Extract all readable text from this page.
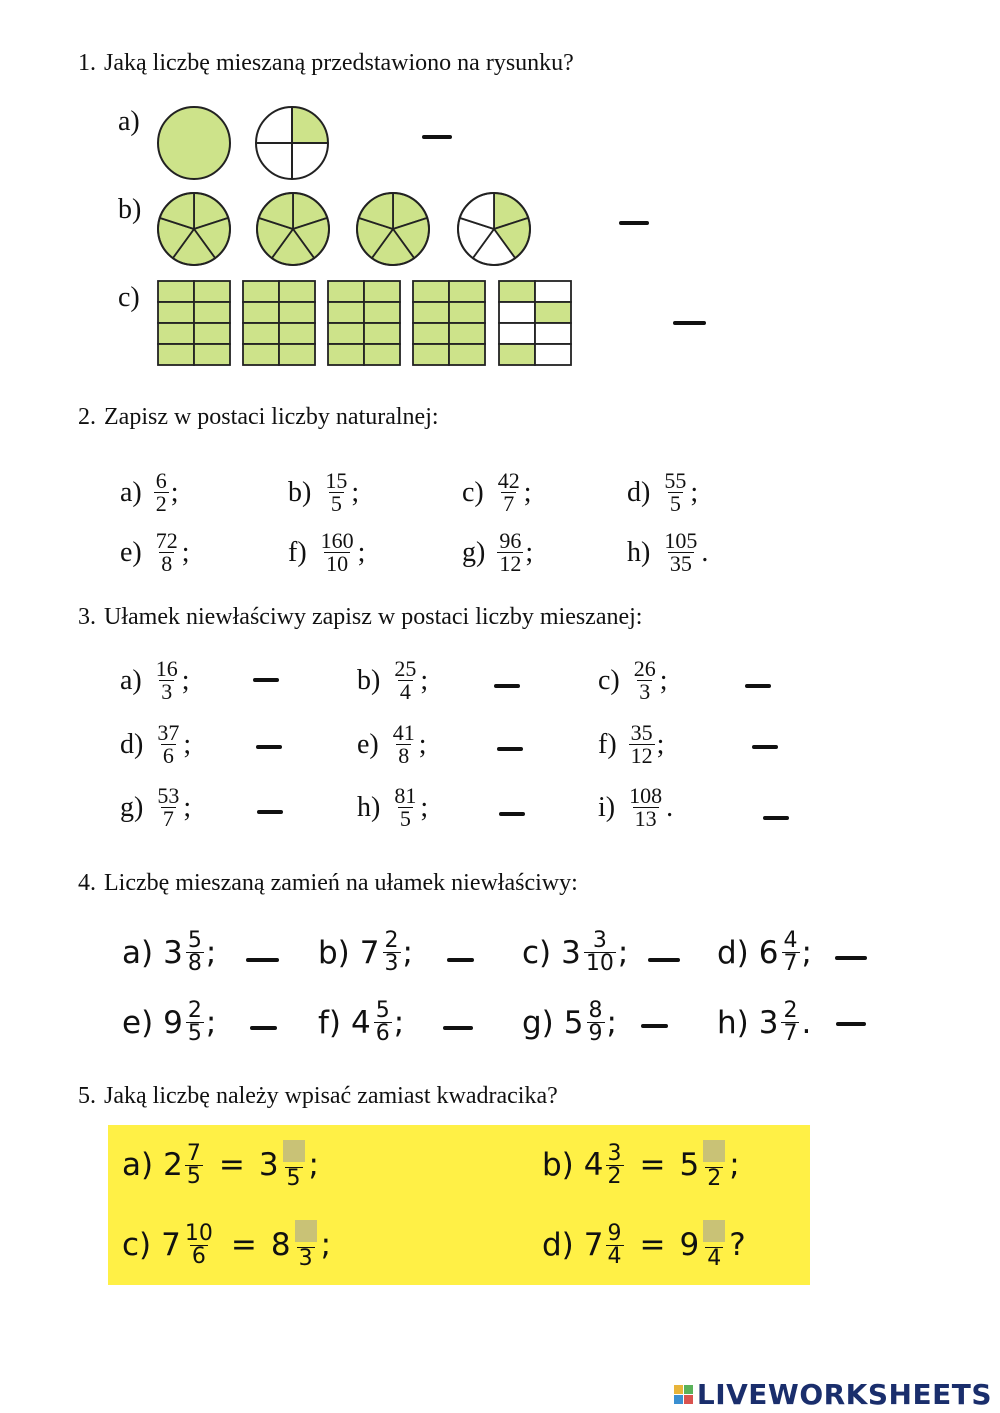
1. Jaką liczbę mieszaną przedstawiono na rysunku?
a)
b)
c)
2. Zapisz w postaci liczby naturalnej:
$a) \frac{6}{2}$ ;	$b) \frac{15}{5}$ ;	$c) \frac{42}{7}$ ;	$d) \frac{55}{5}$ ;
$e) \frac{72}{8}$ ;	$f) \frac{160}{10}$ ;	$g) \frac{96}{12}$ ;	$h) \frac{105}{35}$ .
3. Ułamek niewłaściwy zapisz w postaci liczby mieszanej:
$a) \frac{16}{3}$ ;	$b) \frac{25}{4}$ ;	$c) \frac{26}{3}$ ;
$d) \frac{37}{6}$ ;	$e) \frac{41}{8}$ ;	$f) \frac{35}{12}$ ;
$g) \frac{53}{7}$ ;	$h) \frac{81}{5}$ ;	$i) \frac{108}{13}$ .
4. Liczbę mieszaną zamień na ułamek niewłaściwy:
a) $3 \frac{5}{8}$ ;	b) $7 \frac{2}{3}$ ;	c) $3 \frac{3}{10}$ ;	d) $6 \frac{4}{7}$ ;
e) $9 \frac{2}{5}$ ;	f) $4 \frac{5}{6}$ ;	g) $5 \frac{8}{9}$ ;	h) $3 \frac{2}{7}$ .
5. Jaką liczbę należy wpisać zamiast kwadracika?
a) $2 \frac{7}{5} = 3$ 5 ;	b) $4 \frac{3}{2} = 5$ 2 ;
c) $7 \frac{10}{6} = 8$ 3 ;	d) $7 \frac{9}{4} = 9$ 4 ?
LIVEWORKSHEETS
